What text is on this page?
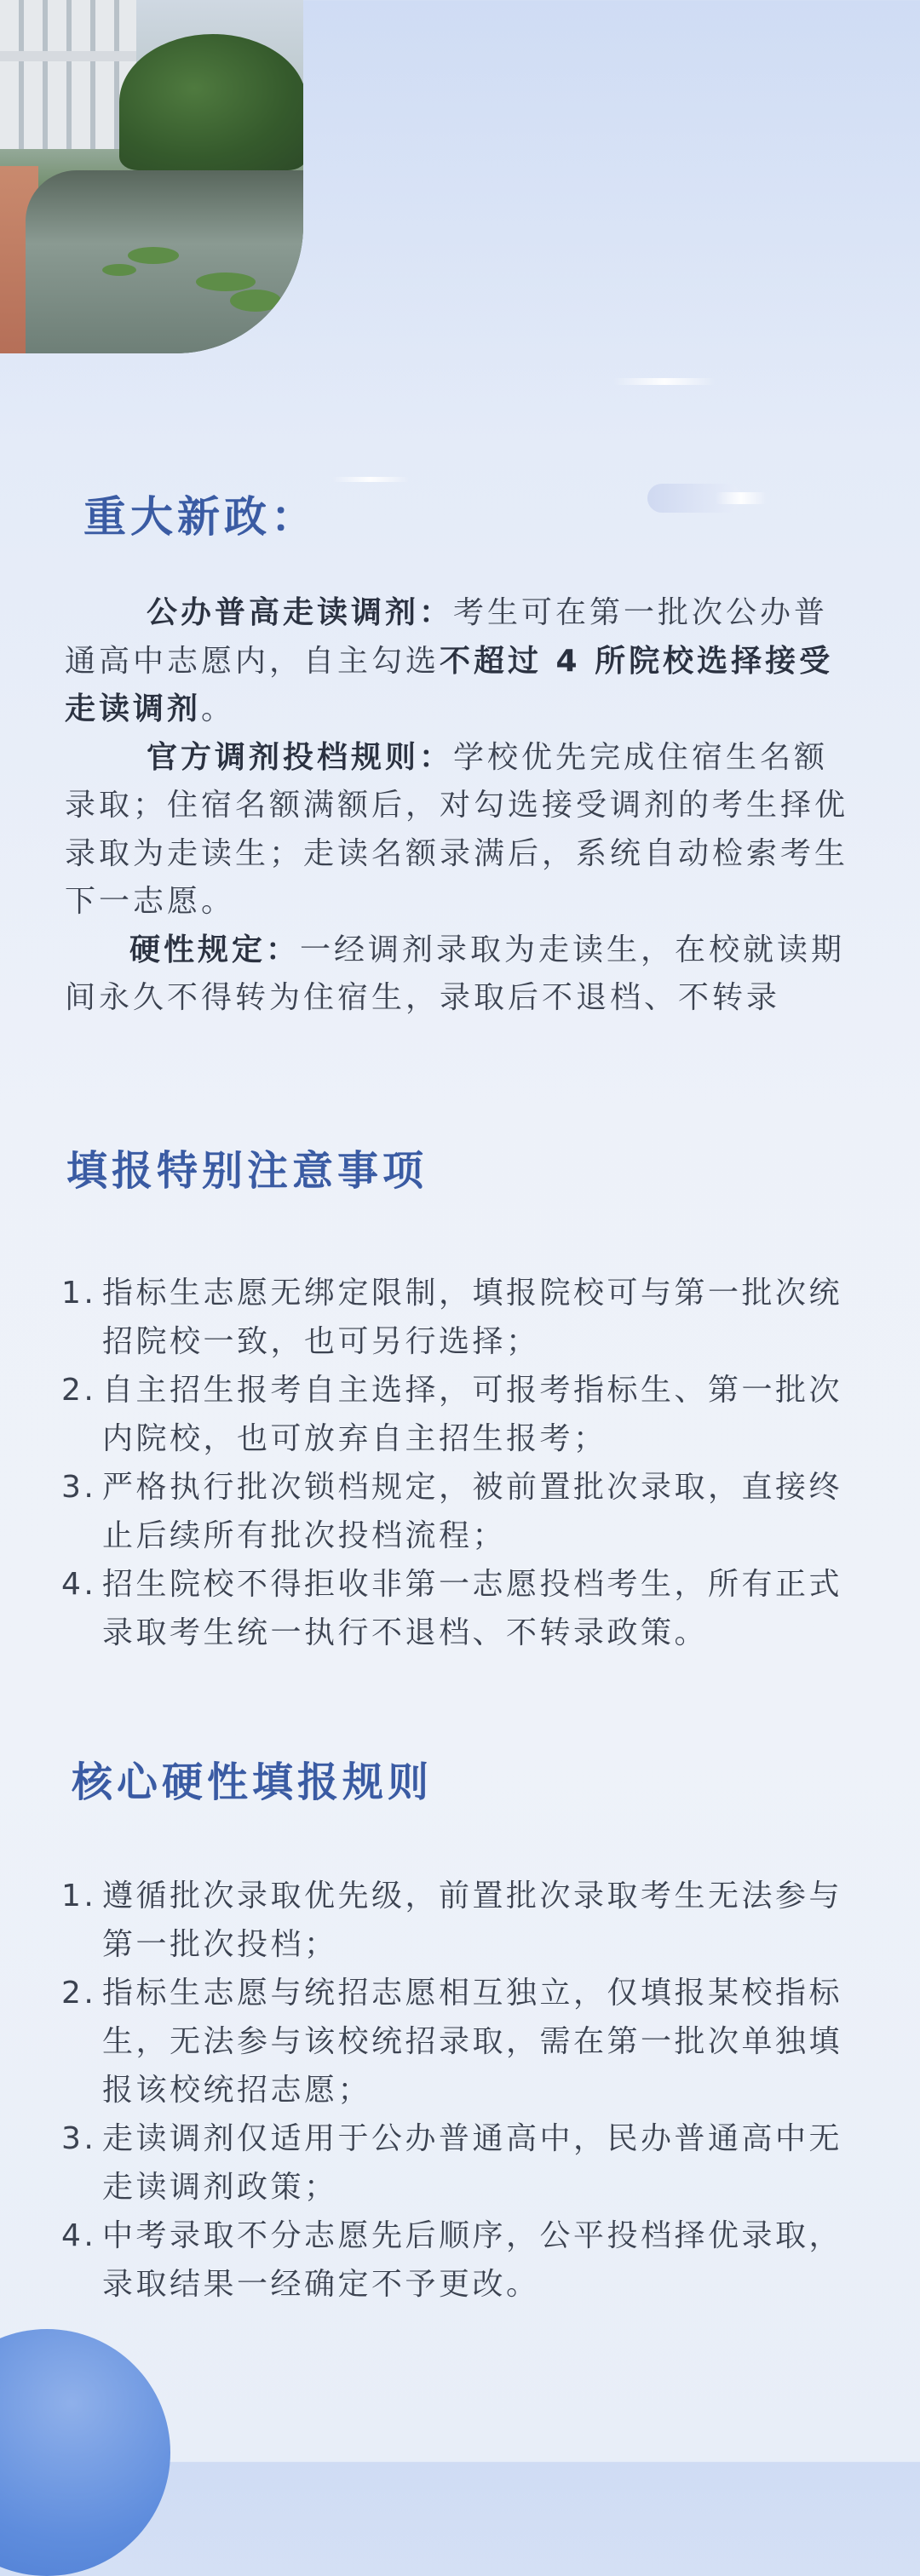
重大新政：

公办普高走读调剂：考生可在第一批次公办普通高中志愿内，自主勾选不超过 4 所院校选择接受走读调剂。

官方调剂投档规则：学校优先完成住宿生名额录取；住宿名额满额后，对勾选接受调剂的考生择优录取为走读生；走读名额录满后，系统自动检索考生下一志愿。

硬性规定：一经调剂录取为走读生，在校就读期间永久不得转为住宿生，录取后不退档、不转录

填报特别注意事项
1. 指标生志愿无绑定限制，填报院校可与第一批次统招院校一致，也可另行选择；
2. 自主招生报考自主选择，可报考指标生、第一批次内院校，也可放弃自主招生报考；
3. 严格执行批次锁档规定，被前置批次录取，直接终止后续所有批次投档流程；
4. 招生院校不得拒收非第一志愿投档考生，所有正式录取考生统一执行不退档、不转录政策。
核心硬性填报规则
1. 遵循批次录取优先级，前置批次录取考生无法参与第一批次投档；
2. 指标生志愿与统招志愿相互独立，仅填报某校指标生，无法参与该校统招录取，需在第一批次单独填报该校统招志愿；
3. 走读调剂仅适用于公办普通高中，民办普通高中无走读调剂政策；
4. 中考录取不分志愿先后顺序，公平投档择优录取，录取结果一经确定不予更改。
